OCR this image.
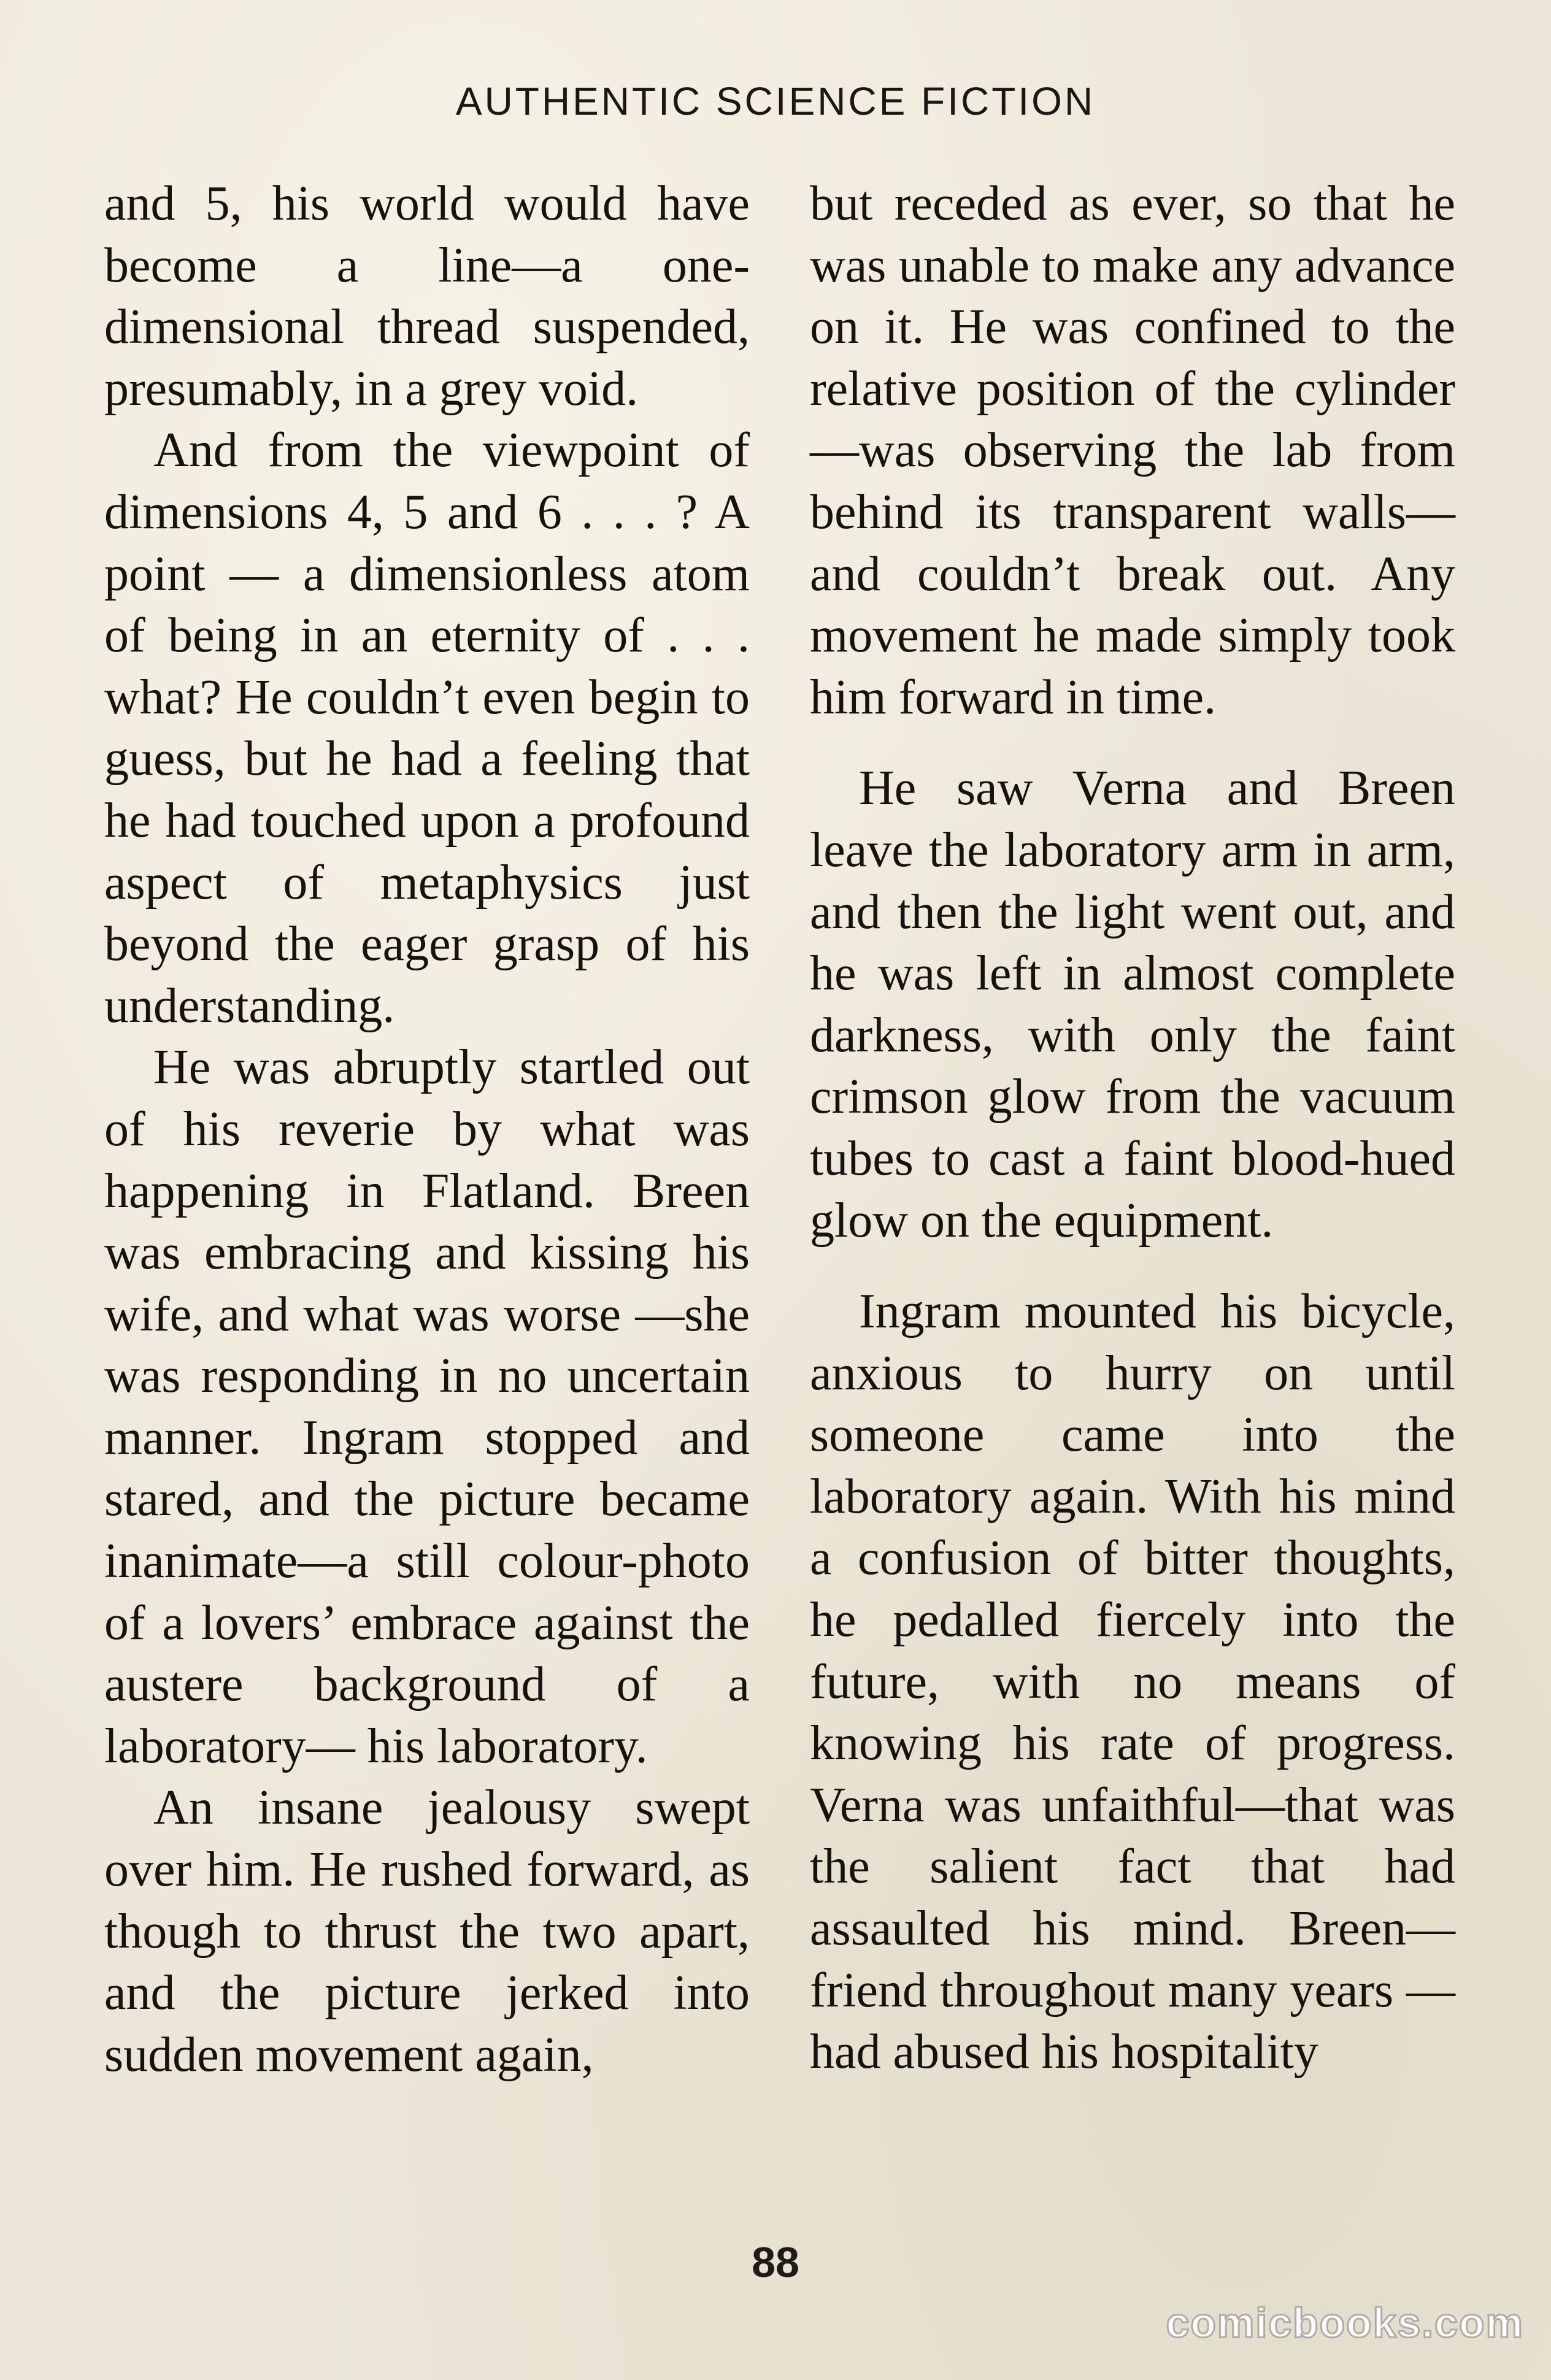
AUTHENTIC SCIENCE FICTION

and 5, his world would have become a line—a one-dimensional thread suspended, presumably, in a grey void.

And from the viewpoint of dimensions 4, 5 and 6 . . . ? A point — a dimensionless atom of being in an eternity of . . . what? He couldn’t even begin to guess, but he had a feeling that he had touched upon a profound aspect of metaphysics just beyond the eager grasp of his understanding.

He was abruptly startled out of his reverie by what was happening in Flatland. Breen was embracing and kissing his wife, and what was worse —she was responding in no uncertain manner. Ingram stopped and stared, and the picture became inanimate—a still colour-photo of a lovers’ embrace against the austere background of a laboratory— his laboratory.

An insane jealousy swept over him. He rushed forward, as though to thrust the two apart, and the picture jerked into sudden movement again,

but receded as ever, so that he was unable to make any advance on it. He was confined to the relative position of the cylinder—was observing the lab from behind its transparent walls—and couldn’t break out. Any movement he made simply took him forward in time.

He saw Verna and Breen leave the laboratory arm in arm, and then the light went out, and he was left in almost complete darkness, with only the faint crimson glow from the vacuum tubes to cast a faint blood-hued glow on the equipment.

Ingram mounted his bicycle, anxious to hurry on until someone came into the laboratory again. With his mind a confusion of bitter thoughts, he pedalled fiercely into the future, with no means of knowing his rate of progress. Verna was unfaithful—that was the salient fact that had assaulted his mind. Breen— friend throughout many years —had abused his hospitality

88
comicbooks.com
